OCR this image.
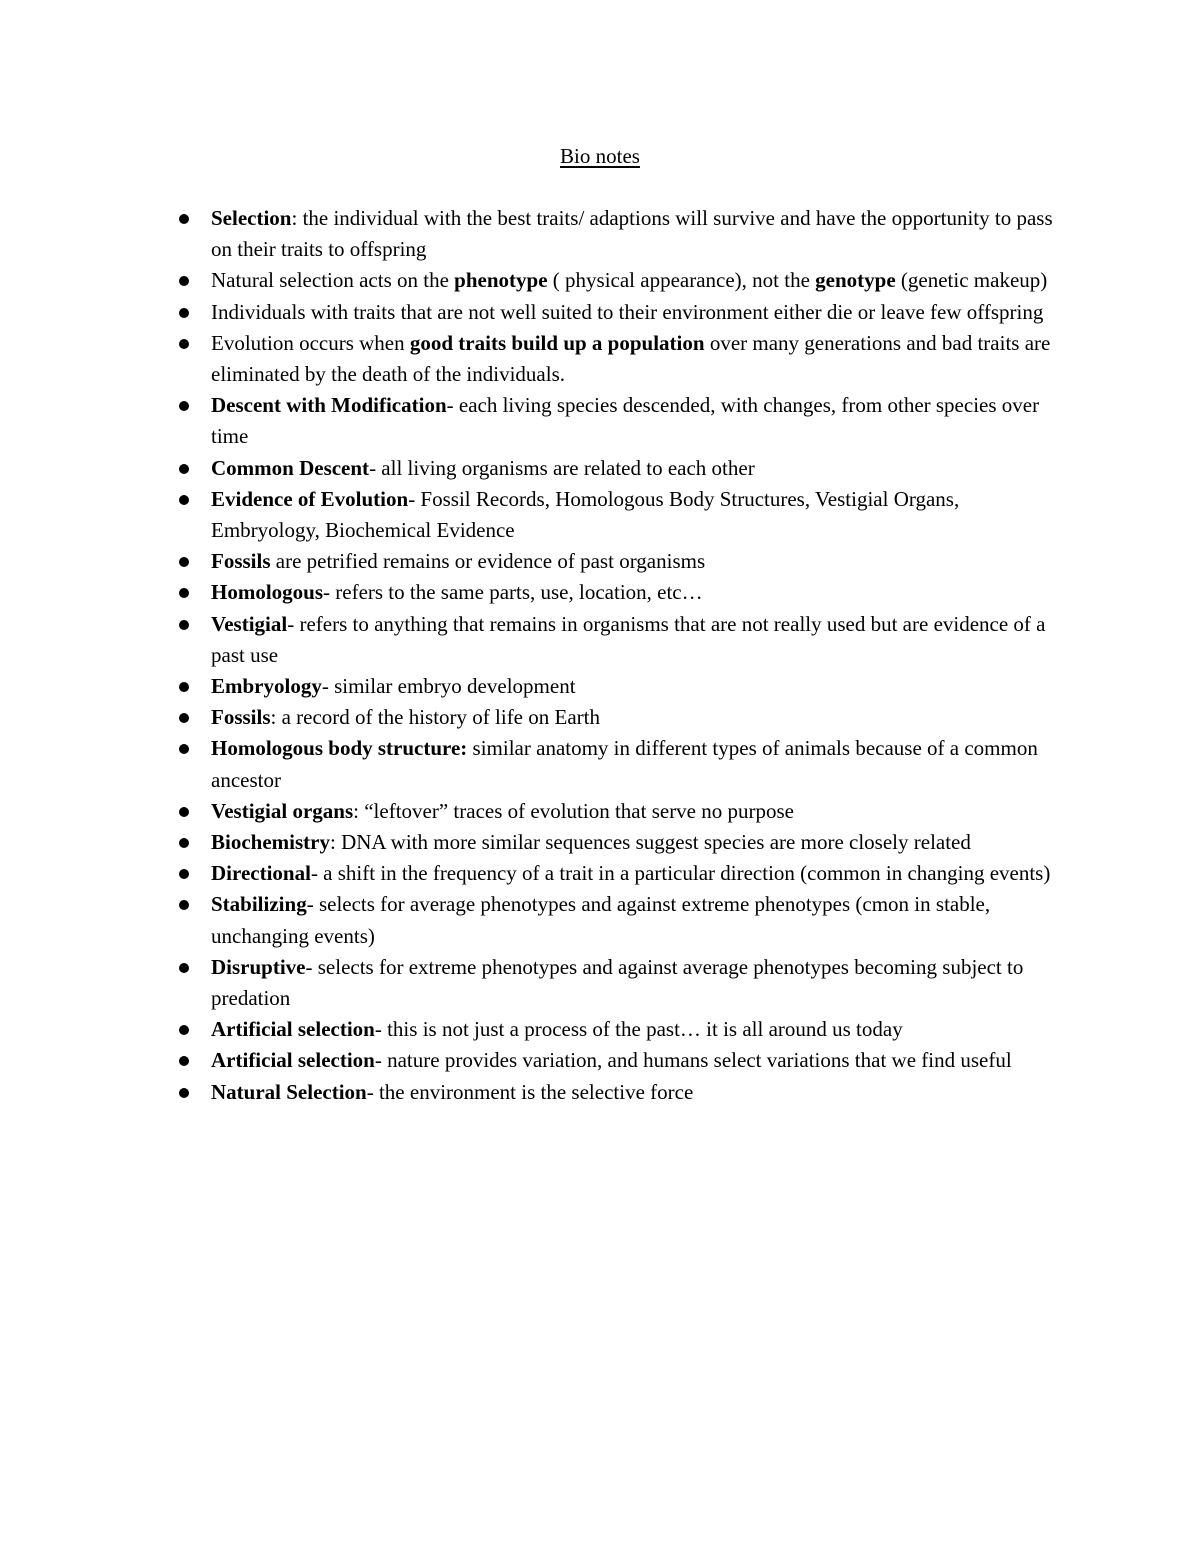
Bio notes
Selection: the individual with the best traits/ adaptions will survive and have the opportunity to pass on their traits to offspring
Natural selection acts on the phenotype ( physical appearance), not the genotype (genetic makeup)
Individuals with traits that are not well suited to their environment either die or leave few offspring
Evolution occurs when good traits build up a population over many generations and bad traits are eliminated by the death of the individuals.
Descent with Modification- each living species descended, with changes, from other species over time
Common Descent- all living organisms are related to each other
Evidence of Evolution- Fossil Records, Homologous Body Structures, Vestigial Organs, Embryology, Biochemical Evidence
Fossils are petrified remains or evidence of past organisms
Homologous- refers to the same parts, use, location, etc…
Vestigial- refers to anything that remains in organisms that are not really used but are evidence of a past use
Embryology- similar embryo development
Fossils: a record of the history of life on Earth
Homologous body structure: similar anatomy in different types of animals because of a common ancestor
Vestigial organs: “leftover” traces of evolution that serve no purpose
Biochemistry: DNA with more similar sequences suggest species are more closely related
Directional- a shift in the frequency of a trait in a particular direction (common in changing events)
Stabilizing- selects for average phenotypes and against extreme phenotypes (cmon in stable, unchanging events)
Disruptive- selects for extreme phenotypes and against average phenotypes becoming subject to predation
Artificial selection- this is not just a process of the past… it is all around us today
Artificial selection- nature provides variation, and humans select variations that we find useful
Natural Selection- the environment is the selective force
